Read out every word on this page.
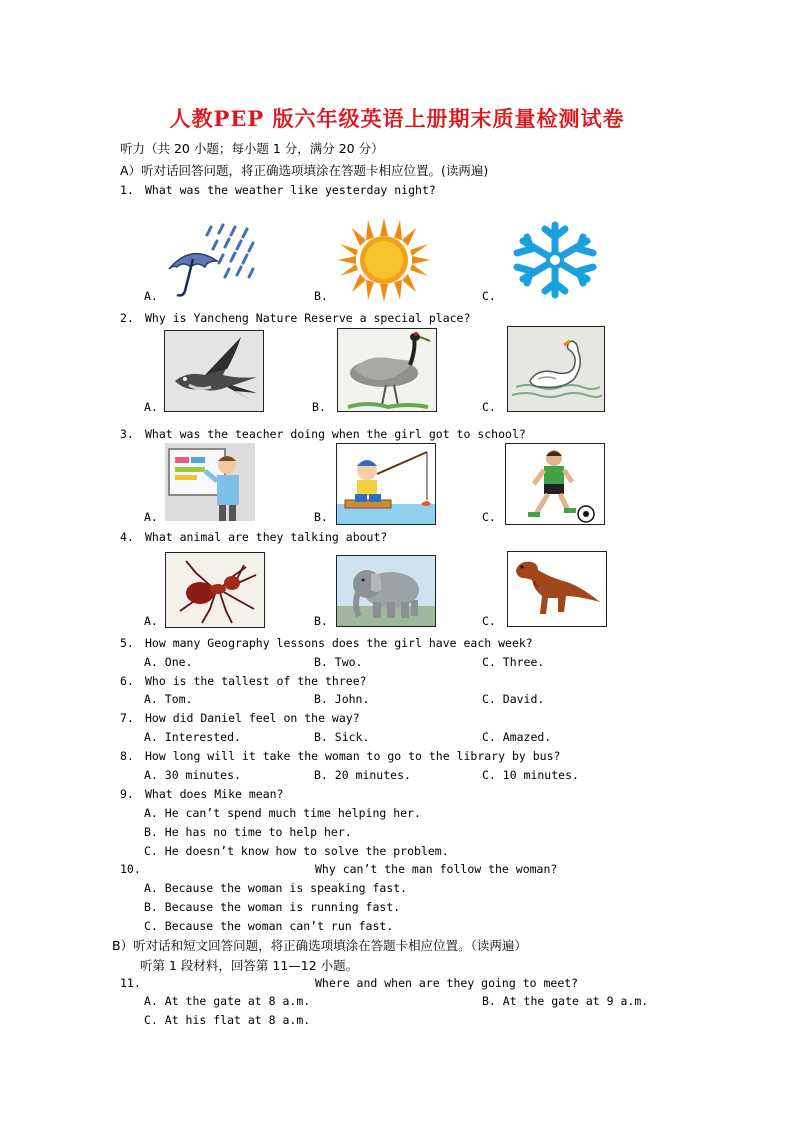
人教PEP 版六年级英语上册期末质量检测试卷
听力（共 20 小题；每小题 1 分，满分 20 分）
A）听对话回答问题，将正确选项填涂在答题卡相应位置。(读两遍)
1. What was the weather like yesterday night?
A.	B.	C.
2. Why is Yancheng Nature Reserve a special place?
A.	B.	C.
3. What was the teacher doing when the girl got to school?
A.	B.	C.
4. What animal are they talking about?
A.	B.	C.
5. How many Geography lessons does the girl have each week?
A. One.	B. Two.	C. Three.
6. Who is the tallest of the three?
A. Tom.	B. John.	C. David.
7. How did Daniel feel on the way?
A. Interested.	B. Sick.	C. Amazed.
8. How long will it take the woman to go to the library by bus?
A. 30 minutes.	B. 20 minutes.	C. 10 minutes.
9. What does Mike mean?
A. He can’t spend much time helping her.
B. He has no time to help her.
C. He doesn’t know how to solve the problem.
10.	Why can’t the man follow the woman?
A. Because the woman is speaking fast.
B. Because the woman is running fast.
C. Because the woman can’t run fast.
B）听对话和短文回答问题，将正确选项填涂在答题卡相应位置。（读两遍）
听第 1 段材料，回答第 11—12 小题。
11.	Where and when are they going to meet?
A. At the gate at 8 a.m.	B. At the gate at 9 a.m.
C. At his flat at 8 a.m.
